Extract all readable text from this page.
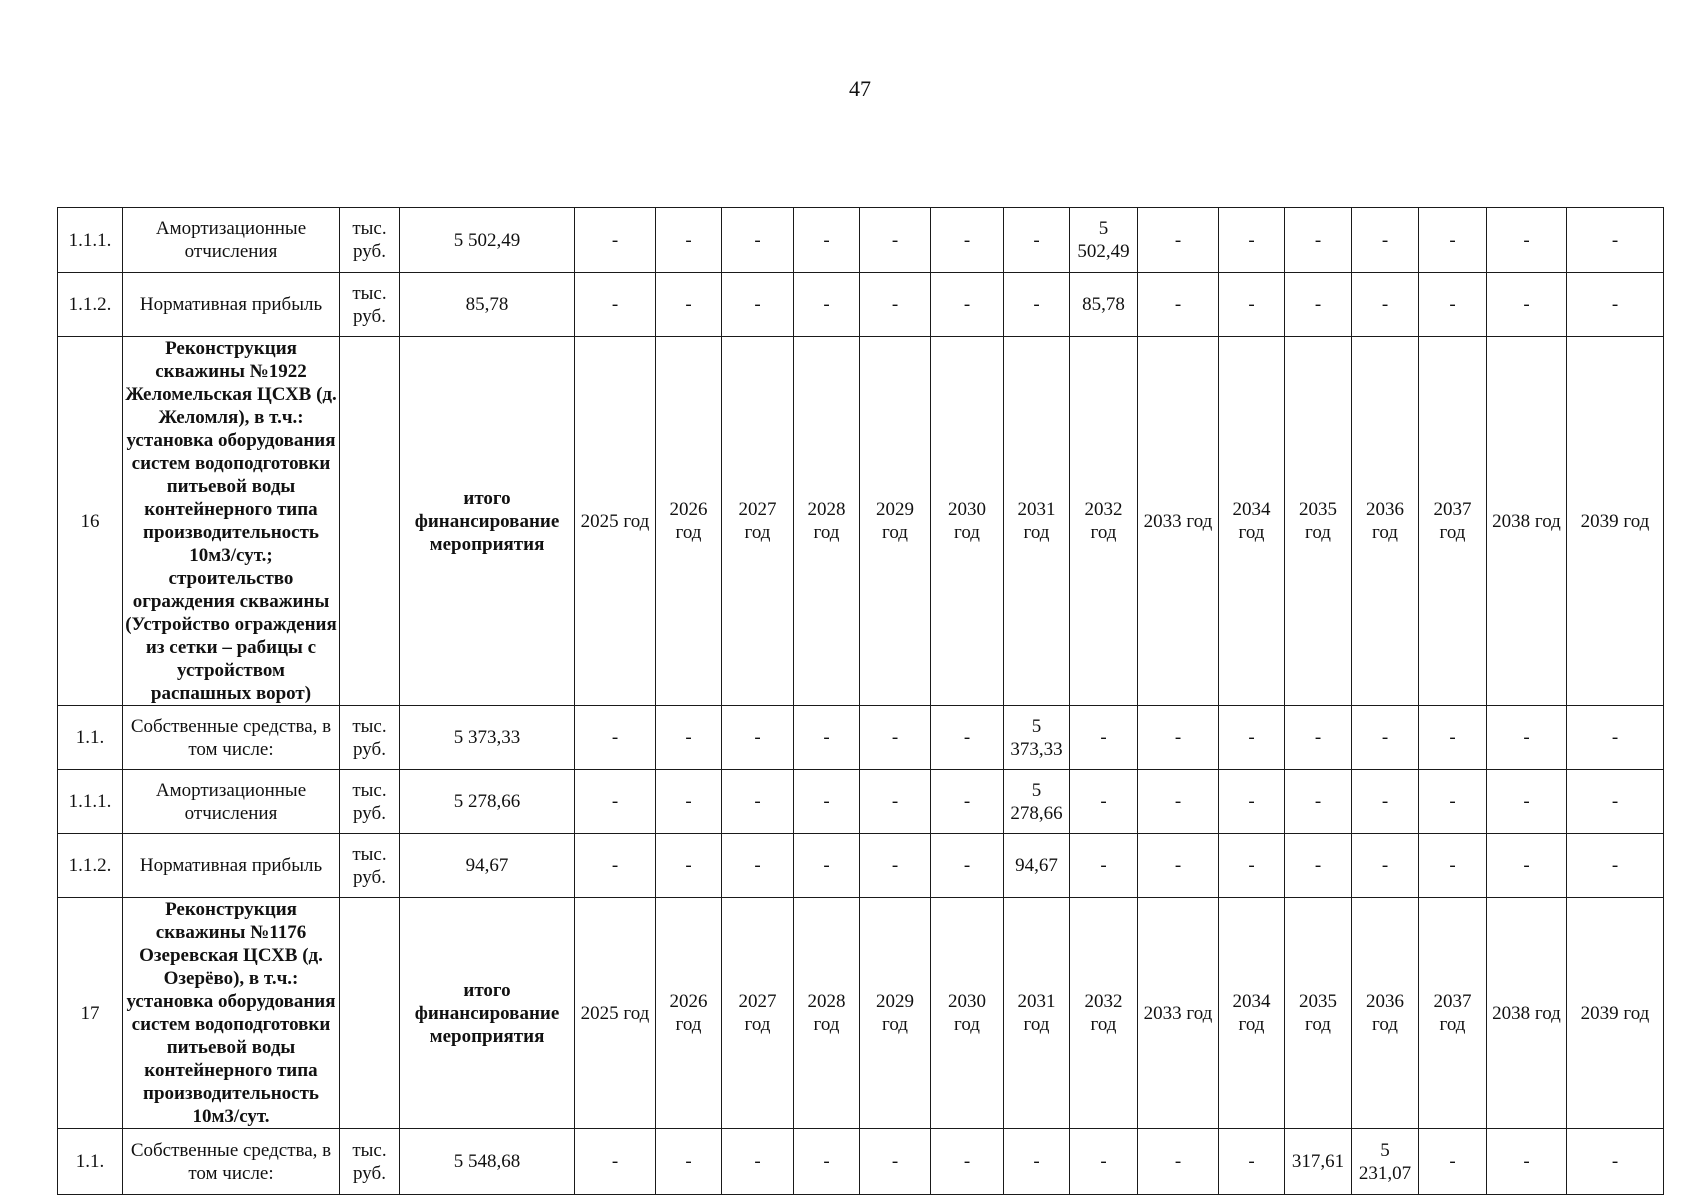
47
1.1.1.	Амортизационные отчисления	тыс. руб.	5 502,49	-	-	-	-	-	-	-	5 502,49	-	-	-	-	-	-	-
1.1.2.	Нормативная прибыль	тыс. руб.	85,78	-	-	-	-	-	-	-	85,78	-	-	-	-	-	-	-
16	Реконструкция скважины №1922 Желомельская ЦСХВ (д. Желомля), в т.ч.: установка оборудования систем водоподготовки питьевой воды контейнерного типа производительность 10м3/сут.; строительство ограждения скважины (Устройство ограждения из сетки – рабицы с устройством распашных ворот)		итого финансирование мероприятия	2025 год	2026 год	2027 год	2028 год	2029 год	2030 год	2031 год	2032 год	2033 год	2034 год	2035 год	2036 год	2037 год	2038 год	2039 год
1.1.	Собственные средства, в том числе:	тыс. руб.	5 373,33	-	-	-	-	-	-	5 373,33	-	-	-	-	-	-	-	-
1.1.1.	Амортизационные отчисления	тыс. руб.	5 278,66	-	-	-	-	-	-	5 278,66	-	-	-	-	-	-	-	-
1.1.2.	Нормативная прибыль	тыс. руб.	94,67	-	-	-	-	-	-	94,67	-	-	-	-	-	-	-	-
17	Реконструкция скважины №1176 Озеревская ЦСХВ (д. Озерёво), в т.ч.: установка оборудования систем водоподготовки питьевой воды контейнерного типа производительность 10м3/сут.		итого финансирование мероприятия	2025 год	2026 год	2027 год	2028 год	2029 год	2030 год	2031 год	2032 год	2033 год	2034 год	2035 год	2036 год	2037 год	2038 год	2039 год
1.1.	Собственные средства, в том числе:	тыс. руб.	5 548,68	-	-	-	-	-	-	-	-	-	-	317,61	5 231,07	-	-	-
